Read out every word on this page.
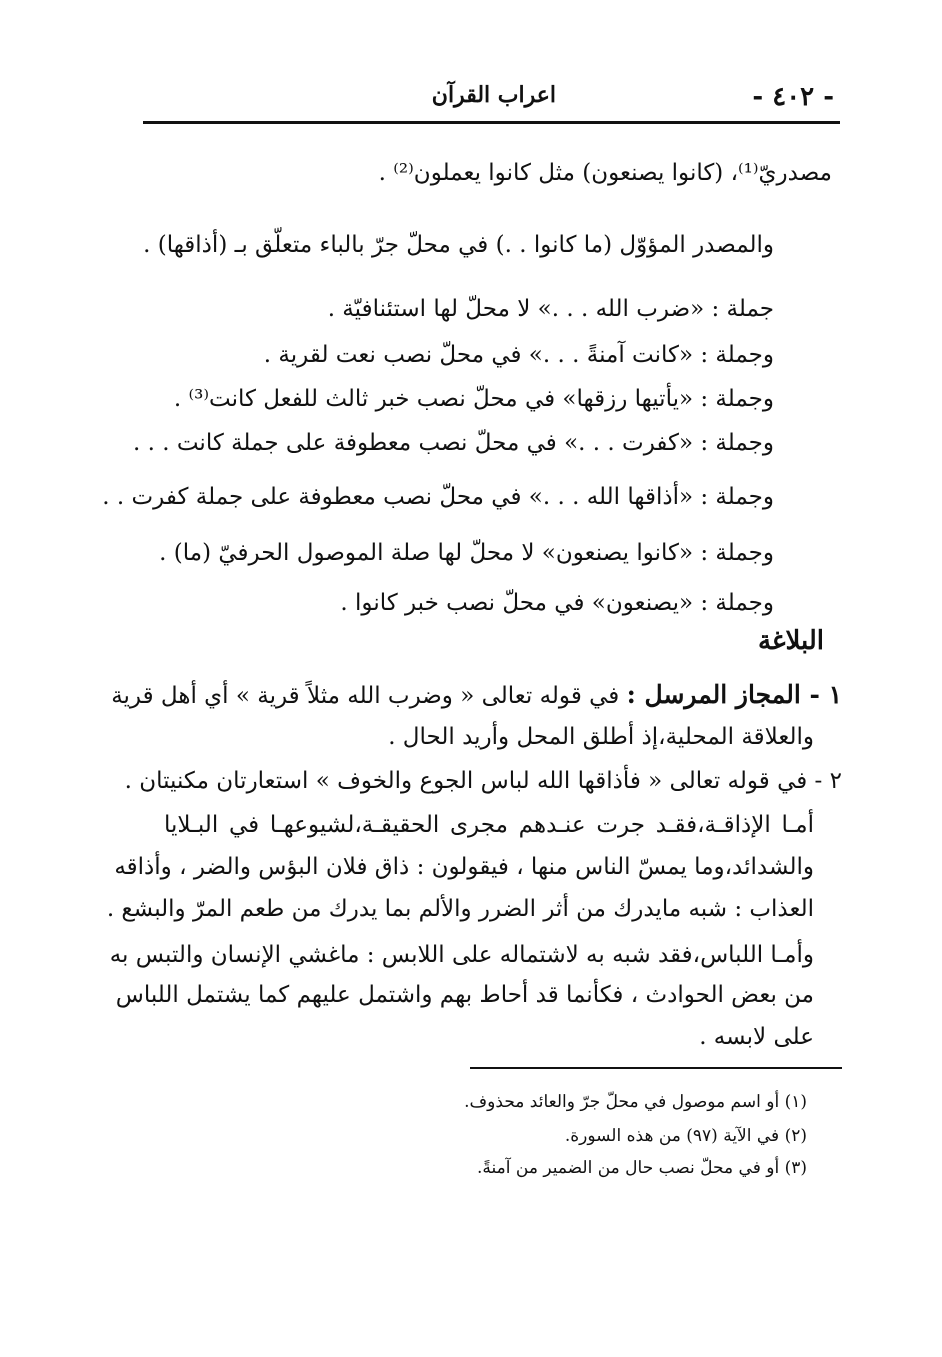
- ٤٠٢ -
اعراب القرآن
مصدريّ⁽¹⁾، (كانوا يصنعون) مثل كانوا يعملون⁽²⁾ .
والمصدر المؤوّل (ما كانوا . .) في محلّ جرّ بالباء متعلّق بـ (أذاقها) .
جملة : «ضرب الله . . .» لا محلّ لها استئنافيّة .
وجملة : «كانت آمنةً . . .» في محلّ نصب نعت لقرية .
وجملة : «يأتيها رزقها» في محلّ نصب خبر ثالث للفعل كانت⁽³⁾ .
وجملة : «كفرت . . .» في محلّ نصب معطوفة على جملة كانت . . .
وجملة : «أذاقها الله . . .» في محلّ نصب معطوفة على جملة كفرت . .
وجملة : «كانوا يصنعون» لا محلّ لها صلة الموصول الحرفيّ (ما) .
وجملة : «يصنعون» في محلّ نصب خبر كانوا .
البلاغة
١ - المجاز المرسل : في قوله تعالى « وضرب الله مثلاً قرية » أي أهل قرية
والعلاقة المحلية،إذ أطلق المحل وأريد الحال .
٢ - في قوله تعالى « فأذاقها الله لباس الجوع والخوف » استعارتان مكنيتان .
أمـا الإذاقـة،فقـد جرت عنـدهم مجرى الحقيقـة،لشيوعهـا في البـلايا
والشدائد،وما يمسّ الناس منها ، فيقولون : ذاق فلان البؤس والضر ، وأذاقه
العذاب : شبه مايدرك من أثر الضرر والألم بما يدرك من طعم المرّ والبشع .
وأمـا اللباس،فقد شبه به لاشتماله على اللابس : ماغشي الإنسان والتبس به
من بعض الحوادث ، فكأنما قد أحاط بهم واشتمل عليهم كما يشتمل اللباس
على لابسه .
(١) أو اسم موصول في محلّ جرّ والعائد محذوف.
(٢) في الآية (٩٧) من هذه السورة.
(٣) أو في محلّ نصب حال من الضمير من آمنةً.
